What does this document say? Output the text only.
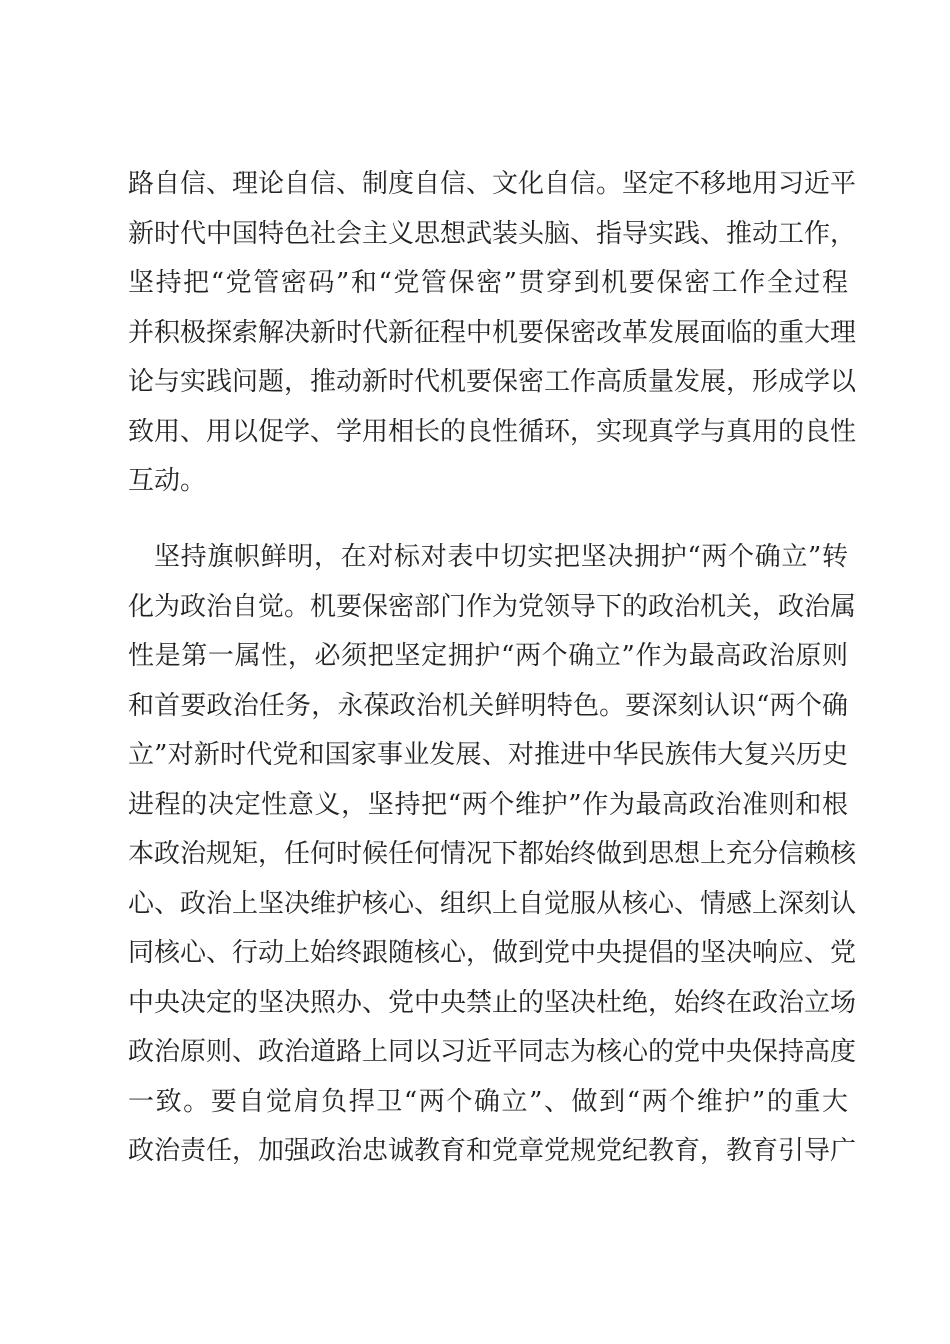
路自信、理论自信、制度自信、文化自信。坚定不移地用习近平
新时代中国特色社会主义思想武装头脑、指导实践、推动工作，
坚持把“党管密码”和“党管保密”贯穿到机要保密工作全过程
并积极探索解决新时代新征程中机要保密改革发展面临的重大理
论与实践问题，推动新时代机要保密工作高质量发展，形成学以
致用、用以促学、学用相长的良性循环，实现真学与真用的良性
互动。
坚持旗帜鲜明，在对标对表中切实把坚决拥护“两个确立”转
化为政治自觉。机要保密部门作为党领导下的政治机关，政治属
性是第一属性，必须把坚定拥护“两个确立”作为最高政治原则
和首要政治任务，永葆政治机关鲜明特色。要深刻认识“两个确
立”对新时代党和国家事业发展、对推进中华民族伟大复兴历史
进程的决定性意义，坚持把“两个维护”作为最高政治准则和根
本政治规矩，任何时候任何情况下都始终做到思想上充分信赖核
心、政治上坚决维护核心、组织上自觉服从核心、情感上深刻认
同核心、行动上始终跟随核心，做到党中央提倡的坚决响应、党
中央决定的坚决照办、党中央禁止的坚决杜绝，始终在政治立场
政治原则、政治道路上同以习近平同志为核心的党中央保持高度
一致。要自觉肩负捍卫“两个确立”、做到“两个维护”的重大
政治责任，加强政治忠诚教育和党章党规党纪教育，教育引导广
